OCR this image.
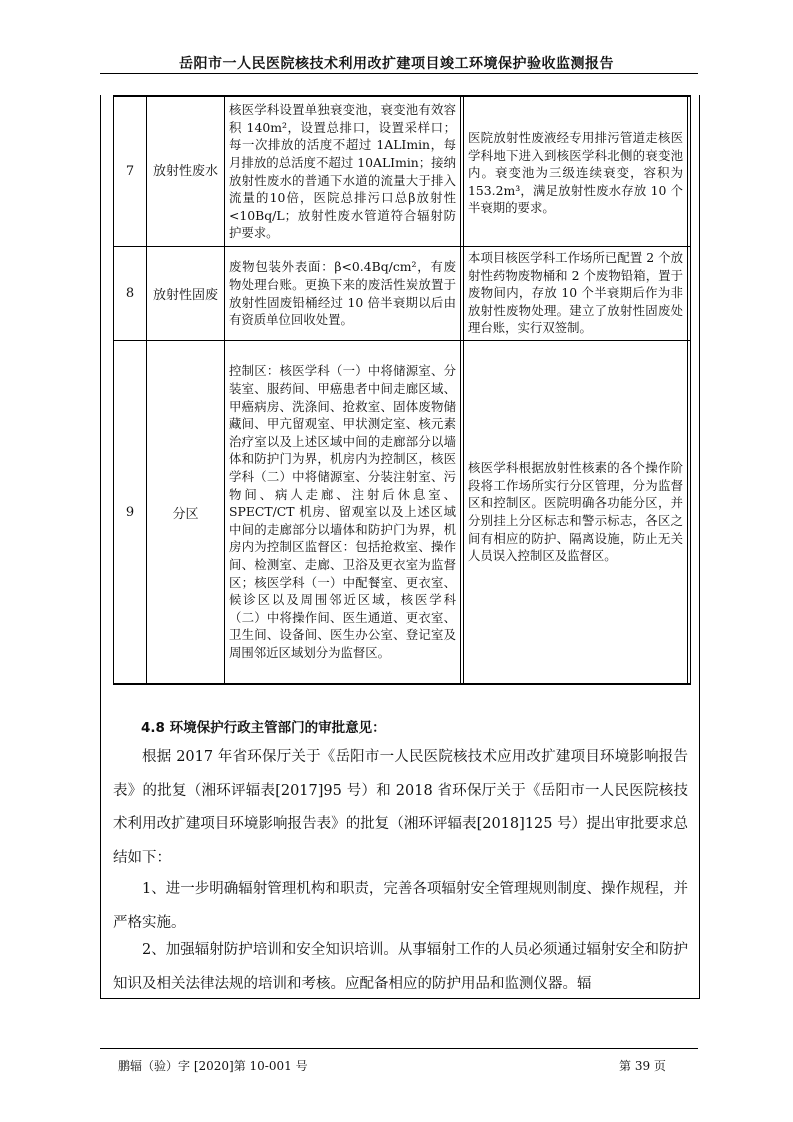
岳阳市一人民医院核技术利用改扩建项目竣工环境保护验收监测报告
7	放射性废水	核医学科设置单独衰变池，衰变池有效容积 140m²，设置总排口，设置采样口；每一次排放的活度不超过 1ALImin，每月排放的总活度不超过 10ALImin；接纳放射性废水的普通下水道的流量大于排入流量的10倍，医院总排污口总β放射性<10Bq/L；放射性废水管道符合辐射防护要求。	医院放射性废液经专用排污管道走核医学科地下进入到核医学科北侧的衰变池内。衰变池为三级连续衰变，容积为 153.2m³，满足放射性废水存放 10 个半衰期的要求。

8	放射性固废	废物包装外表面：β<0.4Bq/cm²，有废物处理台账。更换下来的废活性炭放置于放射性固废铅桶经过 10 倍半衰期以后由有资质单位回收处置。	本项目核医学科工作场所已配置 2 个放射性药物废物桶和 2 个废物铅箱，置于废物间内，存放 10 个半衰期后作为非放射性废物处理。建立了放射性固废处理台账，实行双签制。

9	分区	控制区：核医学科（一）中将储源室、分装室、服药间、甲癌患者中间走廊区域、甲癌病房、洗涤间、抢救室、固体废物储藏间、甲亢留观室、甲状测定室、核元素治疗室以及上述区域中间的走廊部分以墙体和防护门为界，机房内为控制区，核医学科（二）中将储源室、分装注射室、污物间、病人走廊、注射后休息室、SPECT/CT 机房、留观室以及上述区域中间的走廊部分以墙体和防护门为界，机房内为控制区监督区：包括抢救室、操作间、检测室、走廊、卫浴及更衣室为监督区；核医学科（一）中配餐室、更衣室、候诊区以及周围邻近区域，核医学科（二）中将操作间、医生通道、更衣室、卫生间、设备间、医生办公室、登记室及周围邻近区域划分为监督区。	核医学科根据放射性核素的各个操作阶段将工作场所实行分区管理，分为监督区和控制区。医院明确各功能分区，并分别挂上分区标志和警示标志，各区之间有相应的防护、隔离设施，防止无关人员误入控制区及监督区。
4.8 环境保护行政主管部门的审批意见：
根据 2017 年省环保厅关于《岳阳市一人民医院核技术应用改扩建项目环境影响报告表》的批复（湘环评辐表[2017]95 号）和 2018 省环保厅关于《岳阳市一人民医院核技术利用改扩建项目环境影响报告表》的批复（湘环评辐表[2018]125 号）提出审批要求总结如下：
1、进一步明确辐射管理机构和职责，完善各项辐射安全管理规则制度、操作规程，并严格实施。
2、加强辐射防护培训和安全知识培训。从事辐射工作的人员必须通过辐射安全和防护知识及相关法律法规的培训和考核。应配备相应的防护用品和监测仪器。辐
鹏辐（验）字 [2020]第 10-001 号	第 39 页
